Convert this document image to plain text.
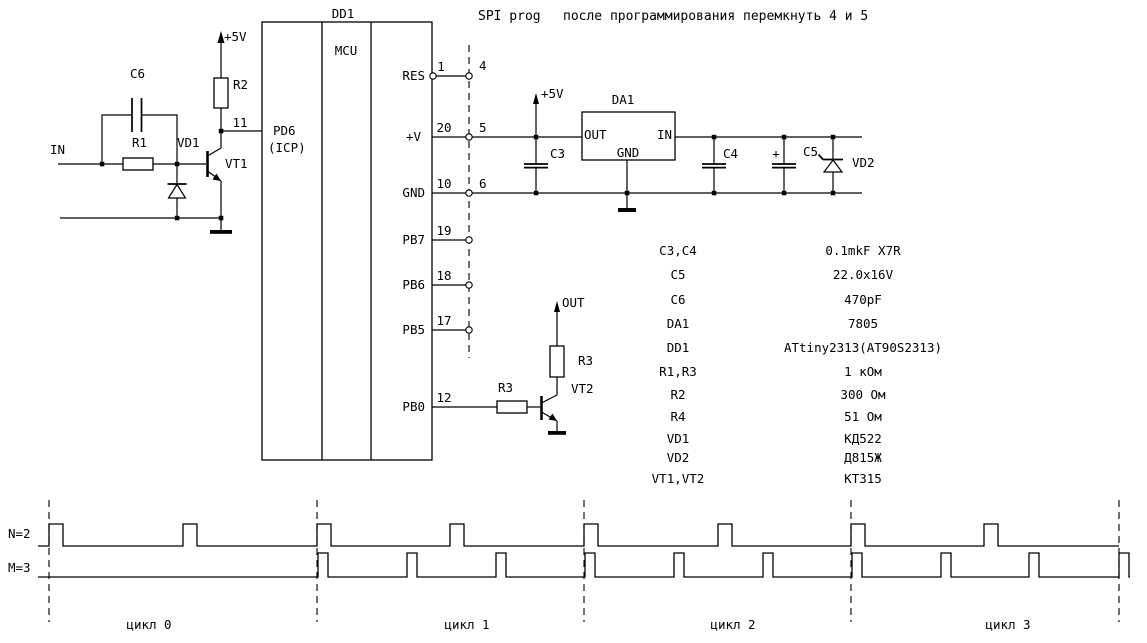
SPI prog после программирования перемкнуть 4 и 5
IN	R1
C6
VD1
VT1
R2
+5V
11
DD1
MCU
PD6
(ICP)
RES
+V
GND
PB7
PB6
PB5
PB0
1
20
10
19
18
17
12
4
5
6
+5V
C3
DA1
OUT	IN
GND	C4	+ C5
VD2
R3	VT2
R3
OUT
C3,C4	0.1mkF X7R
C5	22.0x16V
C6	470pF
DA1	7805
DD1	ATtiny2313(AT90S2313)
R1,R3	1 кОм
R2	300 Ом
R4	51 Ом
VD1	КД522
VD2	Д815Ж
VT1,VT2	КТ315
N=2
M=3
цикл 0	цикл 1	цикл 2	цикл 3
